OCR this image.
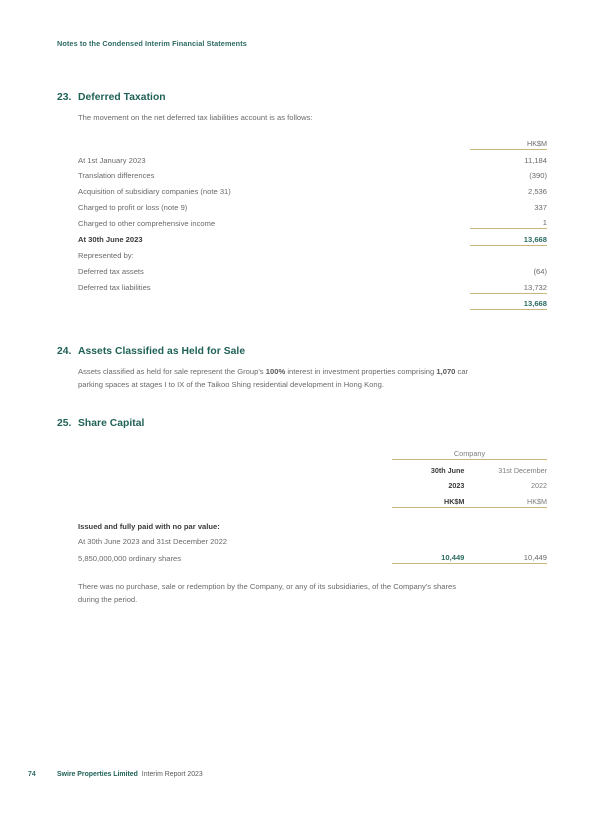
Notes to the Condensed Interim Financial Statements
23. Deferred Taxation
The movement on the net deferred tax liabilities account is as follows:
	HK$M
At 1st January 2023	11,184
Translation differences	(390)
Acquisition of subsidiary companies (note 31)	2,536
Charged to profit or loss (note 9)	337
Charged to other comprehensive income	1
At 30th June 2023	13,668
Represented by:	
Deferred tax assets	(64)
Deferred tax liabilities	13,732
	13,668
24. Assets Classified as Held for Sale
Assets classified as held for sale represent the Group's 100% interest in investment properties comprising 1,070 car
parking spaces at stages I to IX of the Taikoo Shing residential development in Hong Kong.
25. Share Capital
	Company		
	30th June		31st December
	2023		2022
	HK$M		HK$M
Issued and fully paid with no par value:			
At 30th June 2023 and 31st December 2022			
5,850,000,000 ordinary shares	10,449		10,449
There was no purchase, sale or redemption by the Company, or any of its subsidiaries, of the Company's shares
during the period.
74	Swire Properties Limited Interim Report 2023
